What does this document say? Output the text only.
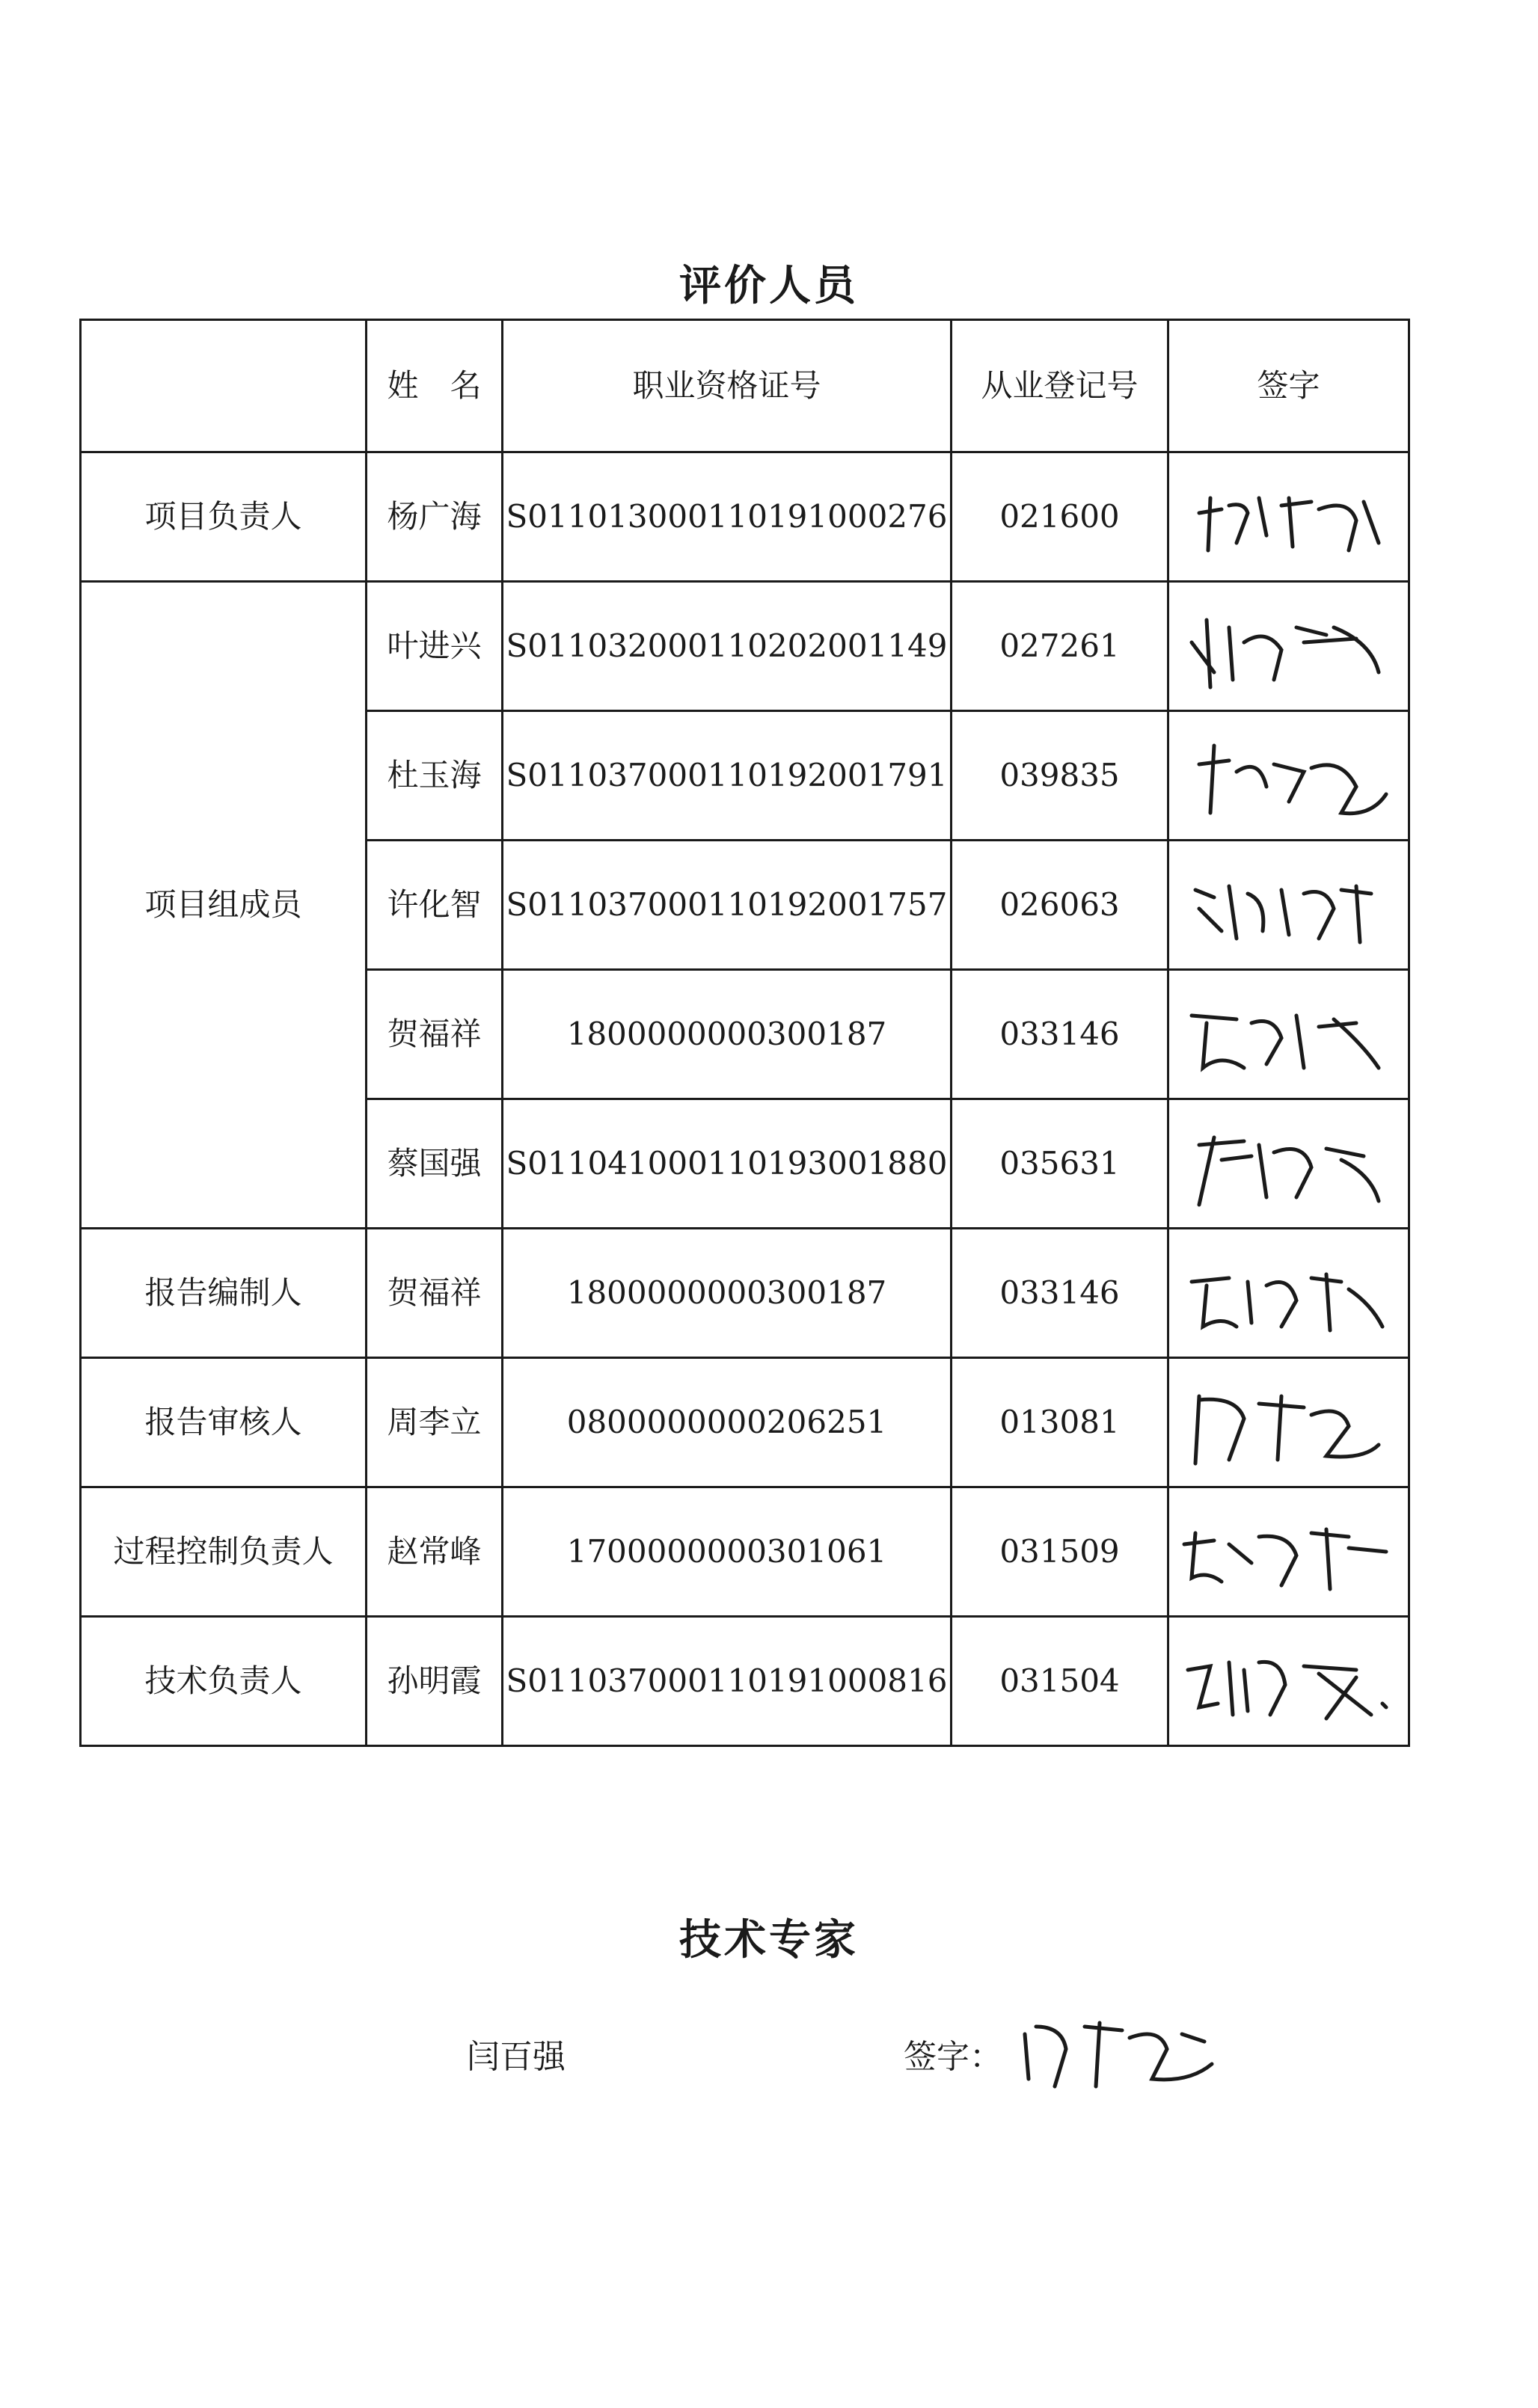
评价人员
	姓　名	职业资格证号	从业登记号	签字
项目负责人	杨广海	S011013000110191000276	021600	

项目组成员	叶进兴	S011032000110202001149	027261	

	杜玉海	S011037000110192001791	039835	

	许化智	S011037000110192001757	026063	

	贺福祥	1800000000300187	033146	

	蔡国强	S011041000110193001880	035631	

报告编制人	贺福祥	1800000000300187	033146	

报告审核人	周李立	0800000000206251	013081	

过程控制负责人	赵常峰	1700000000301061	031509	

技术负责人	孙明霞	S011037000110191000816	031504	
技术专家
闫百强	签字：
